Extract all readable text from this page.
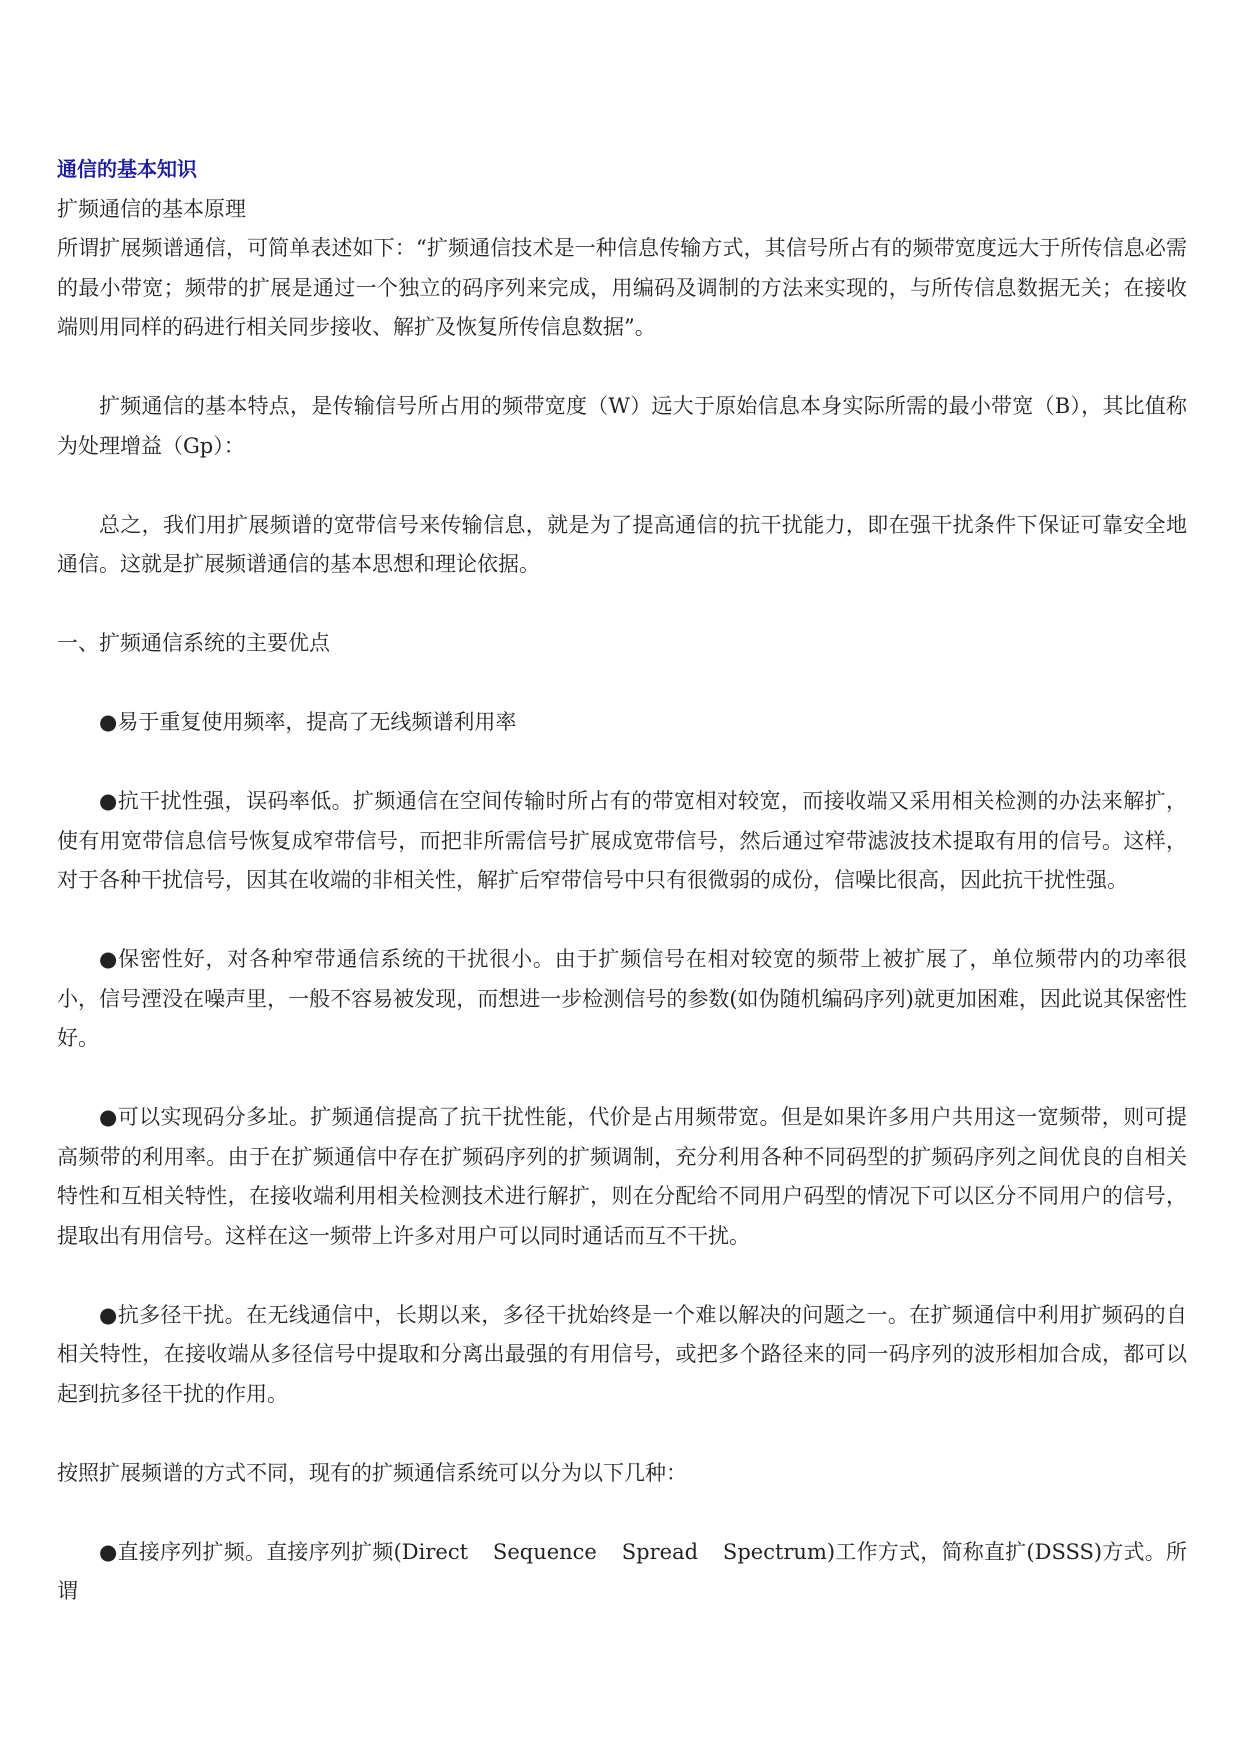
通信的基本知识

扩频通信的基本原理

所谓扩展频谱通信，可简单表述如下：“扩频通信技术是一种信息传输方式，其信号所占有的频带宽度远大于所传信息必需的最小带宽；频带的扩展是通过一个独立的码序列来完成，用编码及调制的方法来实现的，与所传信息数据无关；在接收端则用同样的码进行相关同步接收、解扩及恢复所传信息数据”。

扩频通信的基本特点，是传输信号所占用的频带宽度（W）远大于原始信息本身实际所需的最小带宽（B），其比值称为处理增益（Gp）：

总之，我们用扩展频谱的宽带信号来传输信息，就是为了提高通信的抗干扰能力，即在强干扰条件下保证可靠安全地通信。这就是扩展频谱通信的基本思想和理论依据。

一、扩频通信系统的主要优点

●易于重复使用频率，提高了无线频谱利用率

●抗干扰性强，误码率低。扩频通信在空间传输时所占有的带宽相对较宽，而接收端又采用相关检测的办法来解扩，使有用宽带信息信号恢复成窄带信号，而把非所需信号扩展成宽带信号，然后通过窄带滤波技术提取有用的信号。这样，对于各种干扰信号，因其在收端的非相关性，解扩后窄带信号中只有很微弱的成份，信噪比很高，因此抗干扰性强。

●保密性好，对各种窄带通信系统的干扰很小。由于扩频信号在相对较宽的频带上被扩展了，单位频带内的功率很小，信号湮没在噪声里，一般不容易被发现，而想进一步检测信号的参数(如伪随机编码序列)就更加困难，因此说其保密性好。

●可以实现码分多址。扩频通信提高了抗干扰性能，代价是占用频带宽。但是如果许多用户共用这一宽频带，则可提高频带的利用率。由于在扩频通信中存在扩频码序列的扩频调制，充分利用各种不同码型的扩频码序列之间优良的自相关特性和互相关特性，在接收端利用相关检测技术进行解扩，则在分配给不同用户码型的情况下可以区分不同用户的信号，提取出有用信号。这样在这一频带上许多对用户可以同时通话而互不干扰。

●抗多径干扰。在无线通信中，长期以来，多径干扰始终是一个难以解决的问题之一。在扩频通信中利用扩频码的自相关特性，在接收端从多径信号中提取和分离出最强的有用信号，或把多个路径来的同一码序列的波形相加合成，都可以起到抗多径干扰的作用。

按照扩展频谱的方式不同，现有的扩频通信系统可以分为以下几种：

●直接序列扩频。直接序列扩频(Direct Sequence Spread Spectrum)工作方式，简称直扩(DSSS)方式。所谓
